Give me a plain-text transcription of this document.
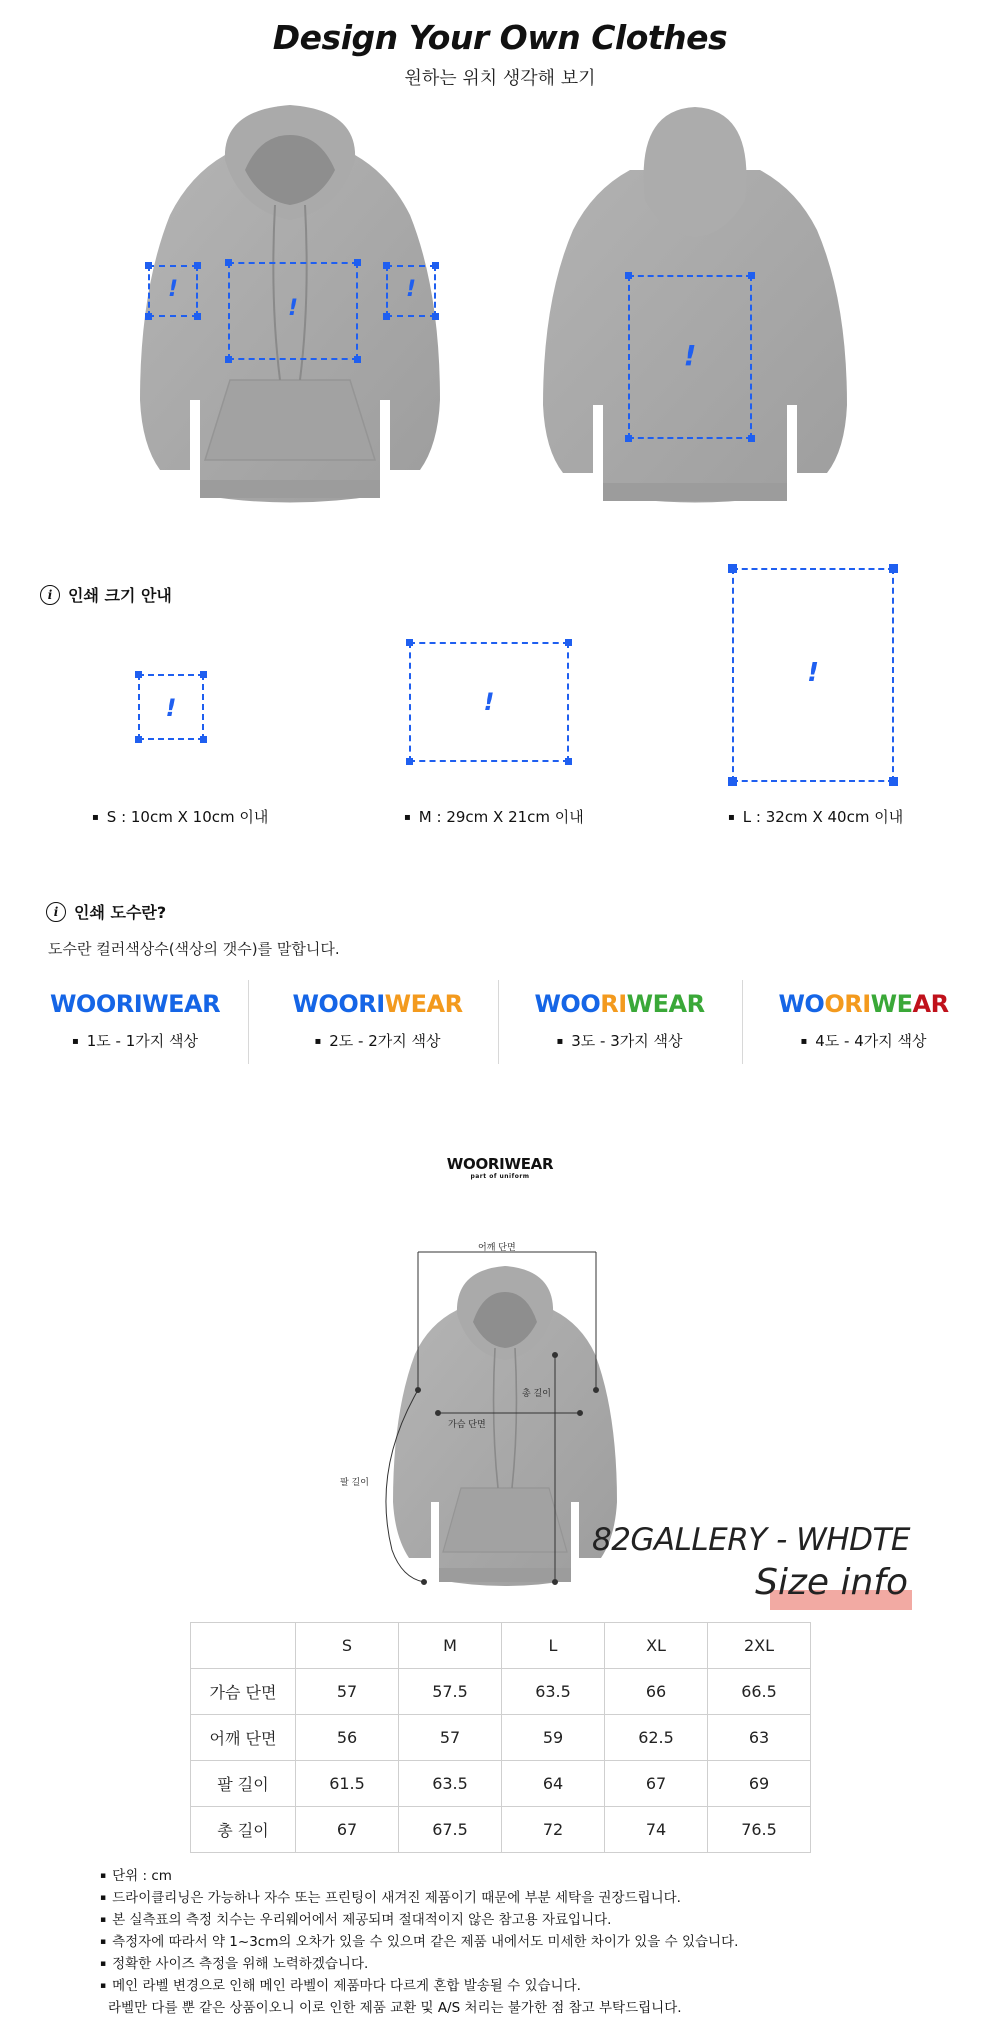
Design Your Own Clothes
원하는 위치 생각해 보기
!
!
!
!
i 인쇄 크기 안내
!	!
!
▪ S : 10cm X 10cm 이내	▪ M : 29cm X 21cm 이내	▪ L : 32cm X 40cm 이내
i 인쇄 도수란?
도수란 컬러색상수(색상의 갯수)를 말합니다.
WOORIWEAR
▪ 1도 - 1가지 색상
WOORIWEAR
▪ 2도 - 2가지 색상
WOORIWEAR
▪ 3도 - 3가지 색상
WOORIWEAR
▪ 4도 - 4가지 색상
WOORIWEAR
part of uniform
어깨 단면
총 길이
가슴 단면
팔 길이
82GALLERY - WHDTE
Size info
	S	M	L	XL	2XL
가슴 단면	57	57.5	63.5	66	66.5
어깨 단면	56	57	59	62.5	63
팔 길이	61.5	63.5	64	67	69
총 길이	67	67.5	72	74	76.5
▪ 단위 : cm
▪ 드라이클리닝은 가능하나 자수 또는 프린팅이 새겨진 제품이기 때문에 부분 세탁을 권장드립니다.
▪ 본 실측표의 측정 치수는 우리웨어에서 제공되며 절대적이지 않은 참고용 자료입니다.
▪ 측정자에 따라서 약 1~3cm의 오차가 있을 수 있으며 같은 제품 내에서도 미세한 차이가 있을 수 있습니다.
▪ 정확한 사이즈 측정을 위해 노력하겠습니다.
▪ 메인 라벨 변경으로 인해 메인 라벨이 제품마다 다르게 혼합 발송될 수 있습니다.
라벨만 다를 뿐 같은 상품이오니 이로 인한 제품 교환 및 A/S 처리는 불가한 점 참고 부탁드립니다.
